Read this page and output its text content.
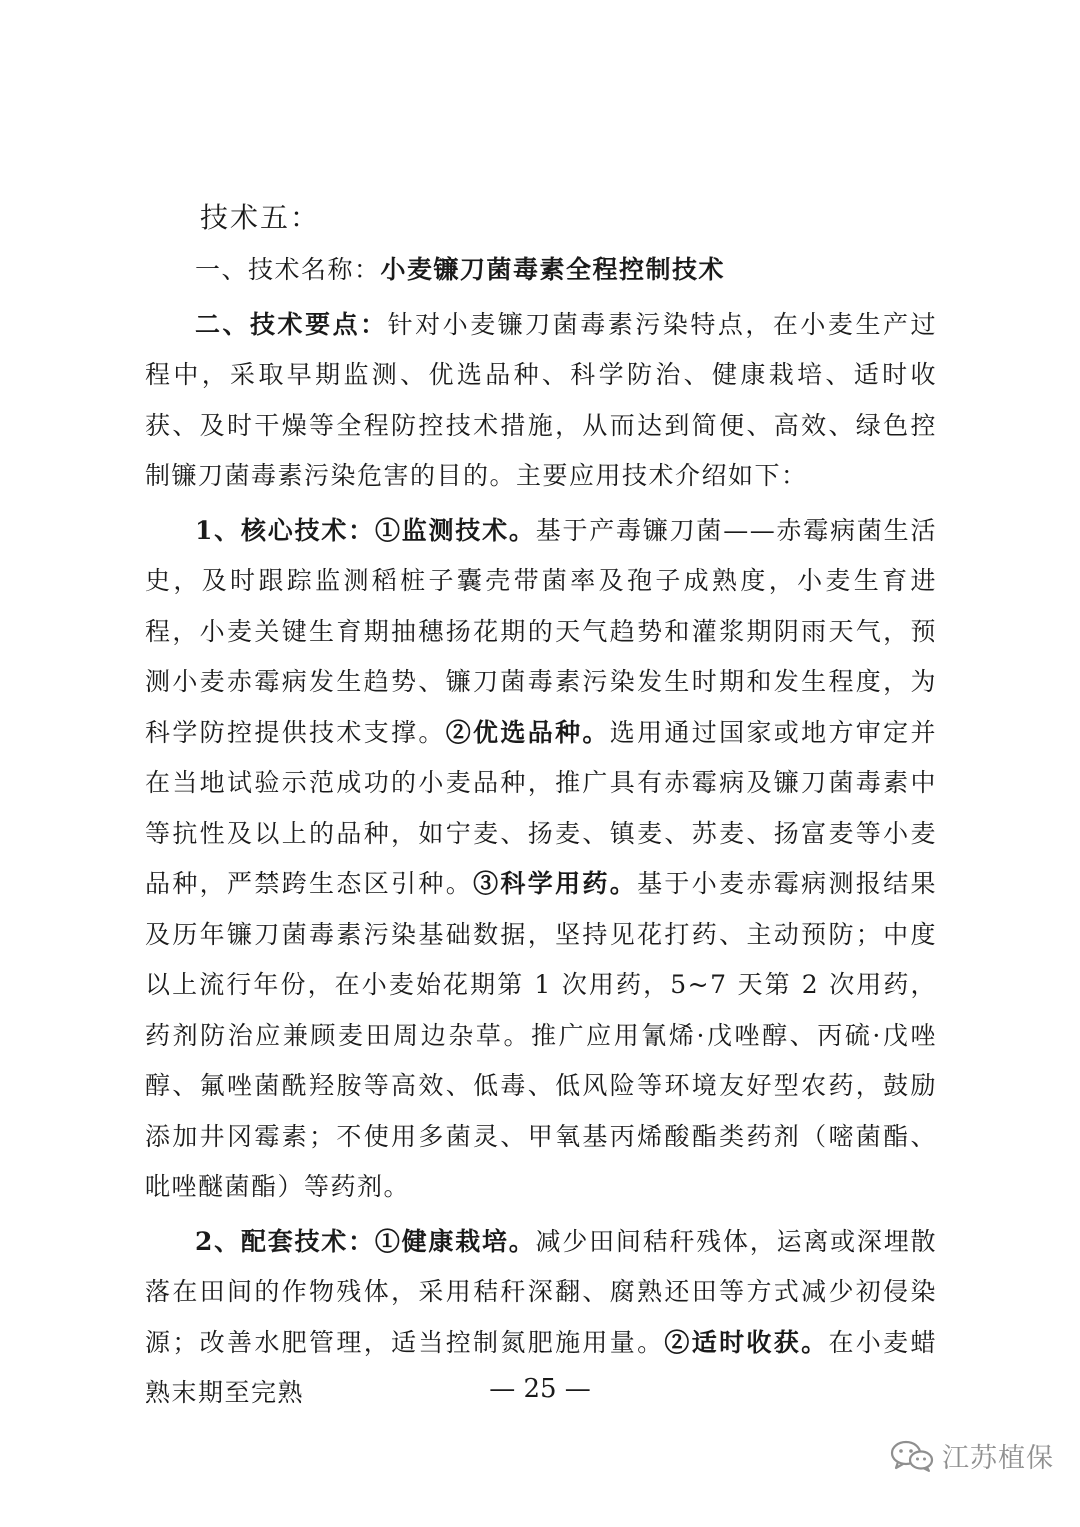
技术五：

一、技术名称：小麦镰刀菌毒素全程控制技术

二、技术要点：针对小麦镰刀菌毒素污染特点，在小麦生产过程中，采取早期监测、优选品种、科学防治、健康栽培、适时收获、及时干燥等全程防控技术措施，从而达到简便、高效、绿色控制镰刀菌毒素污染危害的目的。主要应用技术介绍如下：

1、核心技术：①监测技术。基于产毒镰刀菌——赤霉病菌生活史，及时跟踪监测稻桩子囊壳带菌率及孢子成熟度，小麦生育进程，小麦关键生育期抽穗扬花期的天气趋势和灌浆期阴雨天气，预测小麦赤霉病发生趋势、镰刀菌毒素污染发生时期和发生程度，为科学防控提供技术支撑。②优选品种。选用通过国家或地方审定并在当地试验示范成功的小麦品种，推广具有赤霉病及镰刀菌毒素中等抗性及以上的品种，如宁麦、扬麦、镇麦、苏麦、扬富麦等小麦品种，严禁跨生态区引种。③科学用药。基于小麦赤霉病测报结果及历年镰刀菌毒素污染基础数据，坚持见花打药、主动预防；中度以上流行年份，在小麦始花期第 1 次用药，5~7 天第 2 次用药，药剂防治应兼顾麦田周边杂草。推广应用氰烯·戊唑醇、丙硫·戊唑醇、氟唑菌酰羟胺等高效、低毒、低风险等环境友好型农药，鼓励添加井冈霉素；不使用多菌灵、甲氧基丙烯酸酯类药剂（嘧菌酯、吡唑醚菌酯）等药剂。

2、配套技术：①健康栽培。减少田间秸秆残体，运离或深埋散落在田间的作物残体，采用秸秆深翻、腐熟还田等方式减少初侵染源；改善水肥管理，适当控制氮肥施用量。②适时收获。在小麦蜡熟末期至完熟	— 25 —
江苏植保
